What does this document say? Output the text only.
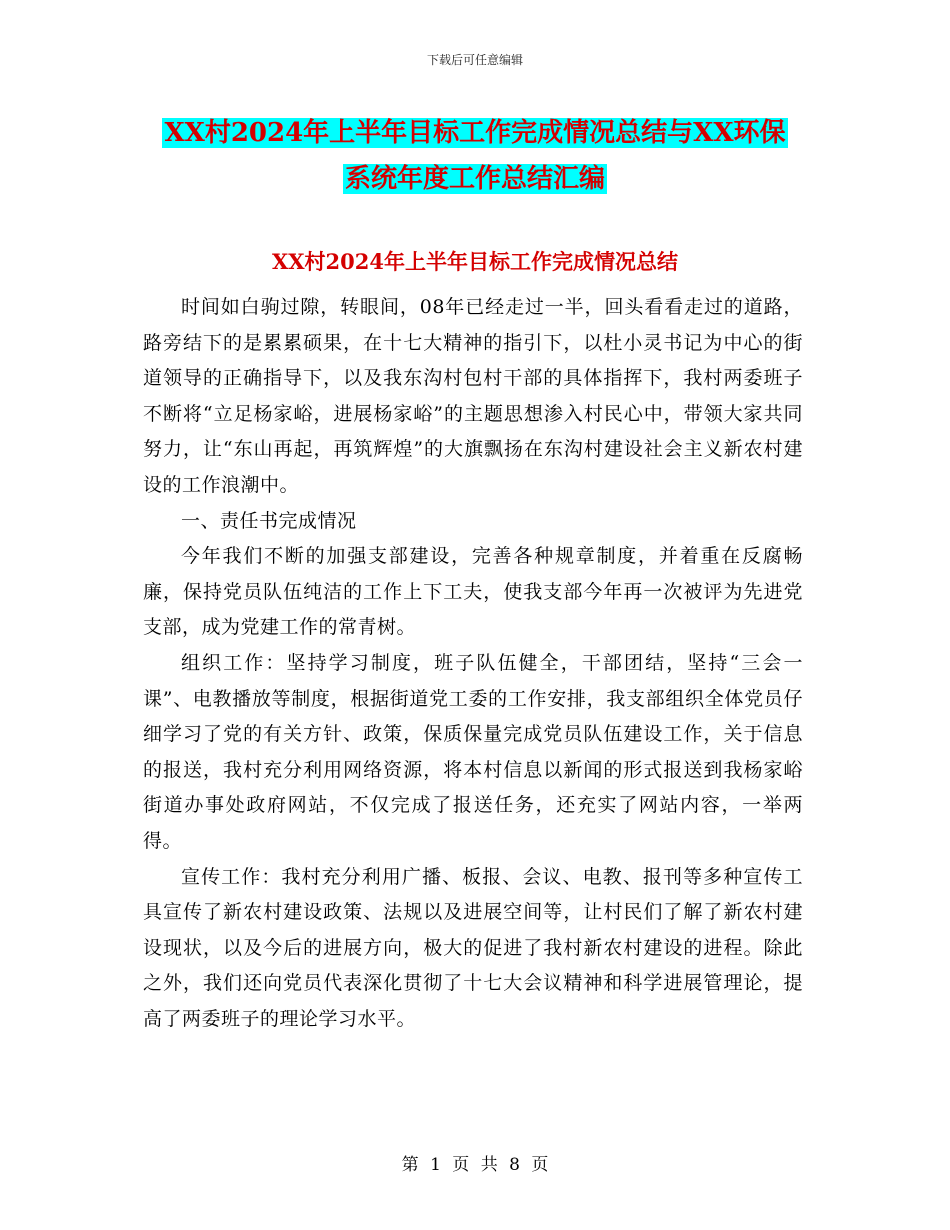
下载后可任意编辑
XX村2024年上半年目标工作完成情况总结与XX环保
系统年度工作总结汇编
XX村2024年上半年目标工作完成情况总结

时间如白驹过隙，转眼间，08年已经走过一半，回头看看走过的道路，路旁结下的是累累硕果，在十七大精神的指引下，以杜小灵书记为中心的街道领导的正确指导下，以及我东沟村包村干部的具体指挥下，我村两委班子不断将“立足杨家峪，进展杨家峪”的主题思想渗入村民心中，带领大家共同努力，让“东山再起，再筑辉煌”的大旗飘扬在东沟村建设社会主义新农村建设的工作浪潮中。

一、责任书完成情况

今年我们不断的加强支部建设，完善各种规章制度，并着重在反腐畅廉，保持党员队伍纯洁的工作上下工夫，使我支部今年再一次被评为先进党支部，成为党建工作的常青树。

组织工作：坚持学习制度，班子队伍健全，干部团结，坚持“三会一课”、电教播放等制度，根据街道党工委的工作安排，我支部组织全体党员仔细学习了党的有关方针、政策，保质保量完成党员队伍建设工作，关于信息的报送，我村充分利用网络资源，将本村信息以新闻的形式报送到我杨家峪街道办事处政府网站，不仅完成了报送任务，还充实了网站内容，一举两得。

宣传工作：我村充分利用广播、板报、会议、电教、报刊等多种宣传工具宣传了新农村建设政策、法规以及进展空间等，让村民们了解了新农村建设现状，以及今后的进展方向，极大的促进了我村新农村建设的进程。除此之外，我们还向党员代表深化贯彻了十七大会议精神和科学进展管理论，提高了两委班子的理论学习水平。

第 1 页 共 8 页
